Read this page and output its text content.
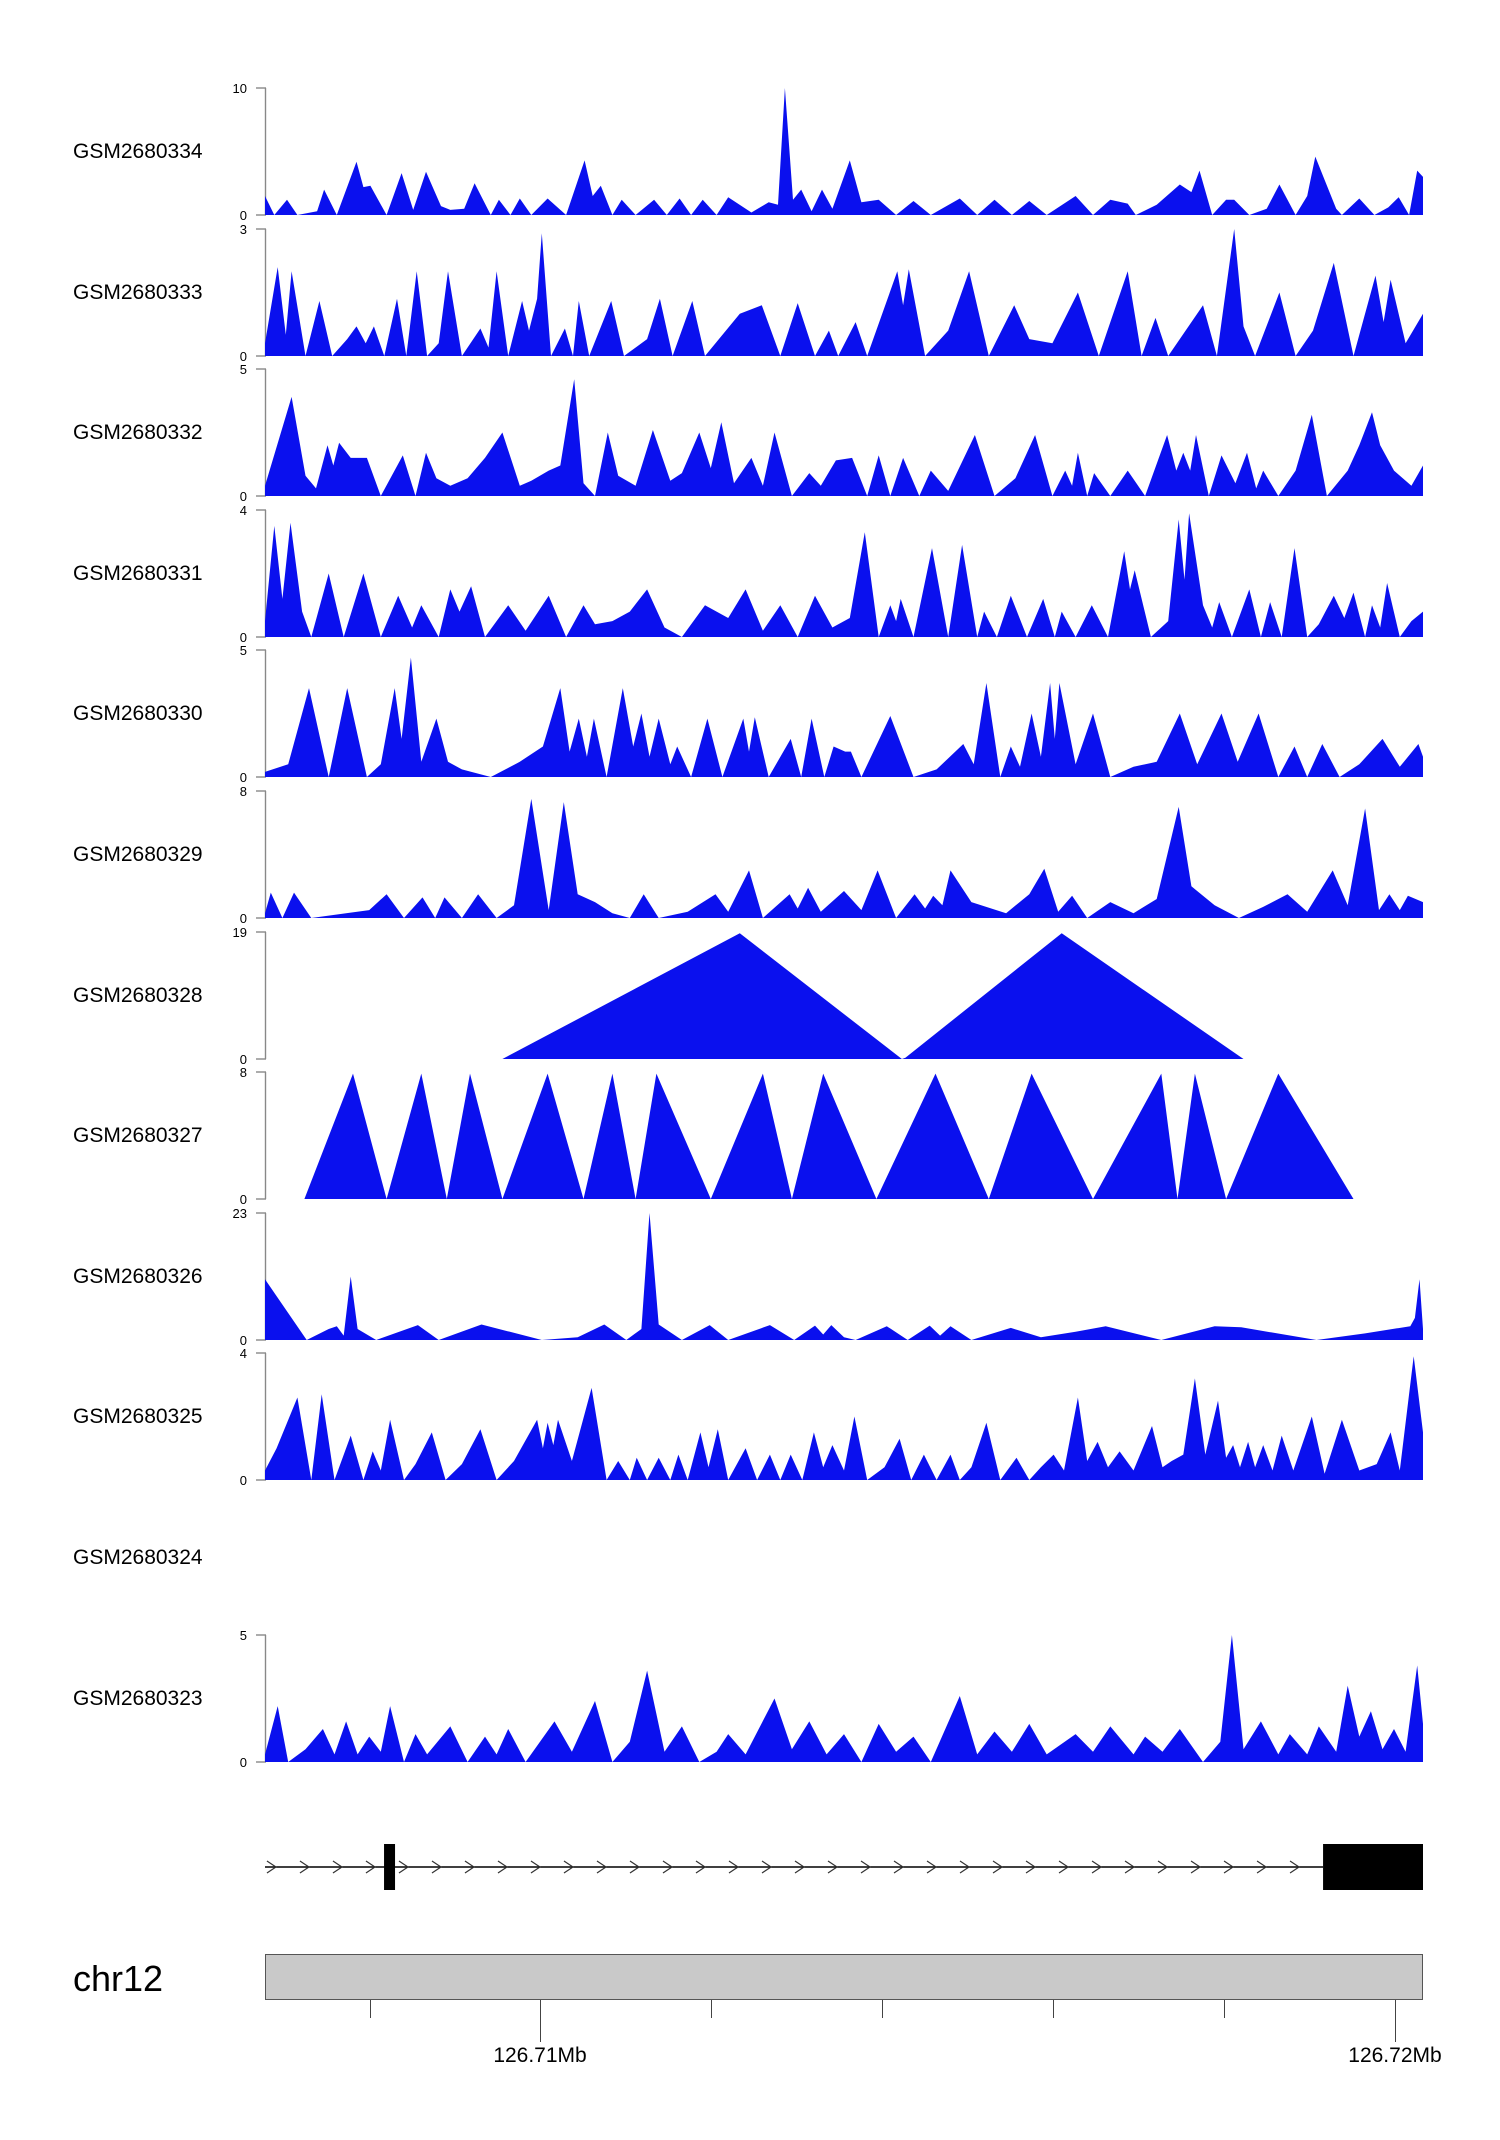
GSM2680334
10
0
GSM2680333
3
0
GSM2680332
5
0
GSM2680331
4
0
GSM2680330
5
0
GSM2680329
8
0
GSM2680328
19
0
GSM2680327
8
0
GSM2680326
23
0
GSM2680325
4
0
GSM2680324
GSM2680323
5
0
chr12
126.71Mb	126.72Mb
